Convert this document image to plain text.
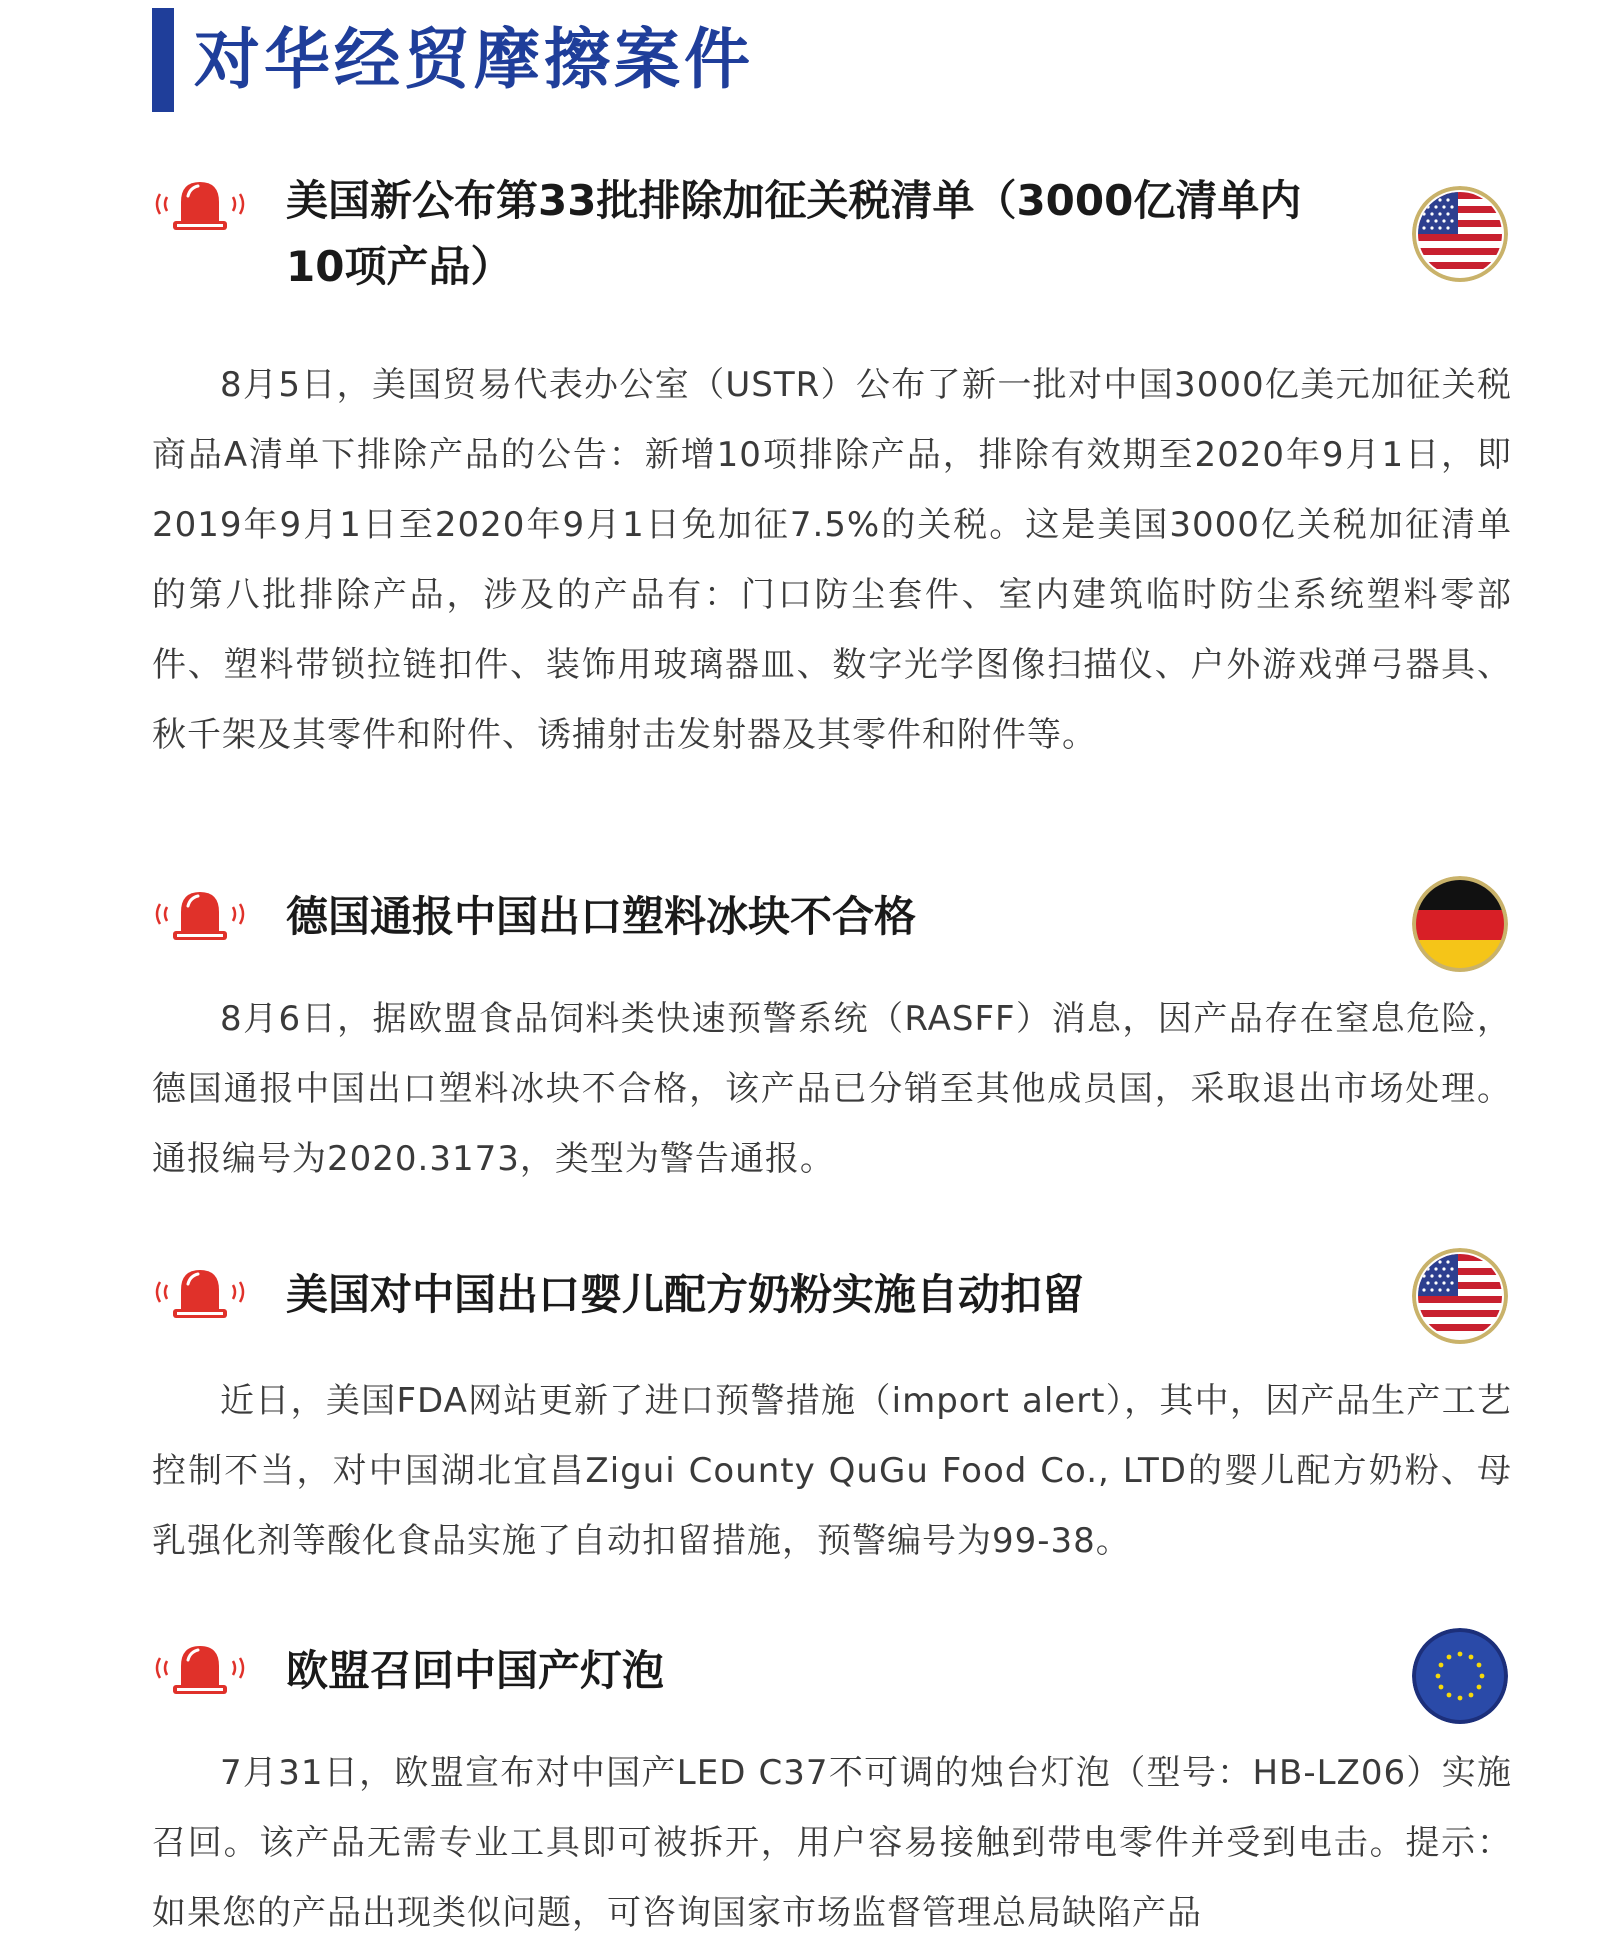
对华经贸摩擦案件
美国新公布第33批排除加征关税清单（3000亿清单内10项产品）

8月5日，美国贸易代表办公室（USTR）公布了新一批对中国3000亿美元加征关税商品A清单下排除产品的公告：新增10项排除产品，排除有效期至2020年9月1日，即2019年9月1日至2020年9月1日免加征7.5%的关税。这是美国3000亿关税加征清单的第八批排除产品，涉及的产品有：门口防尘套件、室内建筑临时防尘系统塑料零部件、塑料带锁拉链扣件、装饰用玻璃器皿、数字光学图像扫描仪、户外游戏弹弓器具、秋千架及其零件和附件、诱捕射击发射器及其零件和附件等。

德国通报中国出口塑料冰块不合格

8月6日，据欧盟食品饲料类快速预警系统（RASFF）消息，因产品存在窒息危险，德国通报中国出口塑料冰块不合格，该产品已分销至其他成员国，采取退出市场处理。通报编号为2020.3173，类型为警告通报。

美国对中国出口婴儿配方奶粉实施自动扣留

近日，美国FDA网站更新了进口预警措施（import alert），其中，因产品生产工艺控制不当，对中国湖北宜昌Zigui County QuGu Food Co., LTD的婴儿配方奶粉、母乳强化剂等酸化食品实施了自动扣留措施，预警编号为99-38。

欧盟召回中国产灯泡

7月31日，欧盟宣布对中国产LED C37不可调的烛台灯泡（型号：HB-LZ06）实施召回。该产品无需专业工具即可被拆开，用户容易接触到带电零件并受到电击。提示：如果您的产品出现类似问题，可咨询国家市场监督管理总局缺陷产品
